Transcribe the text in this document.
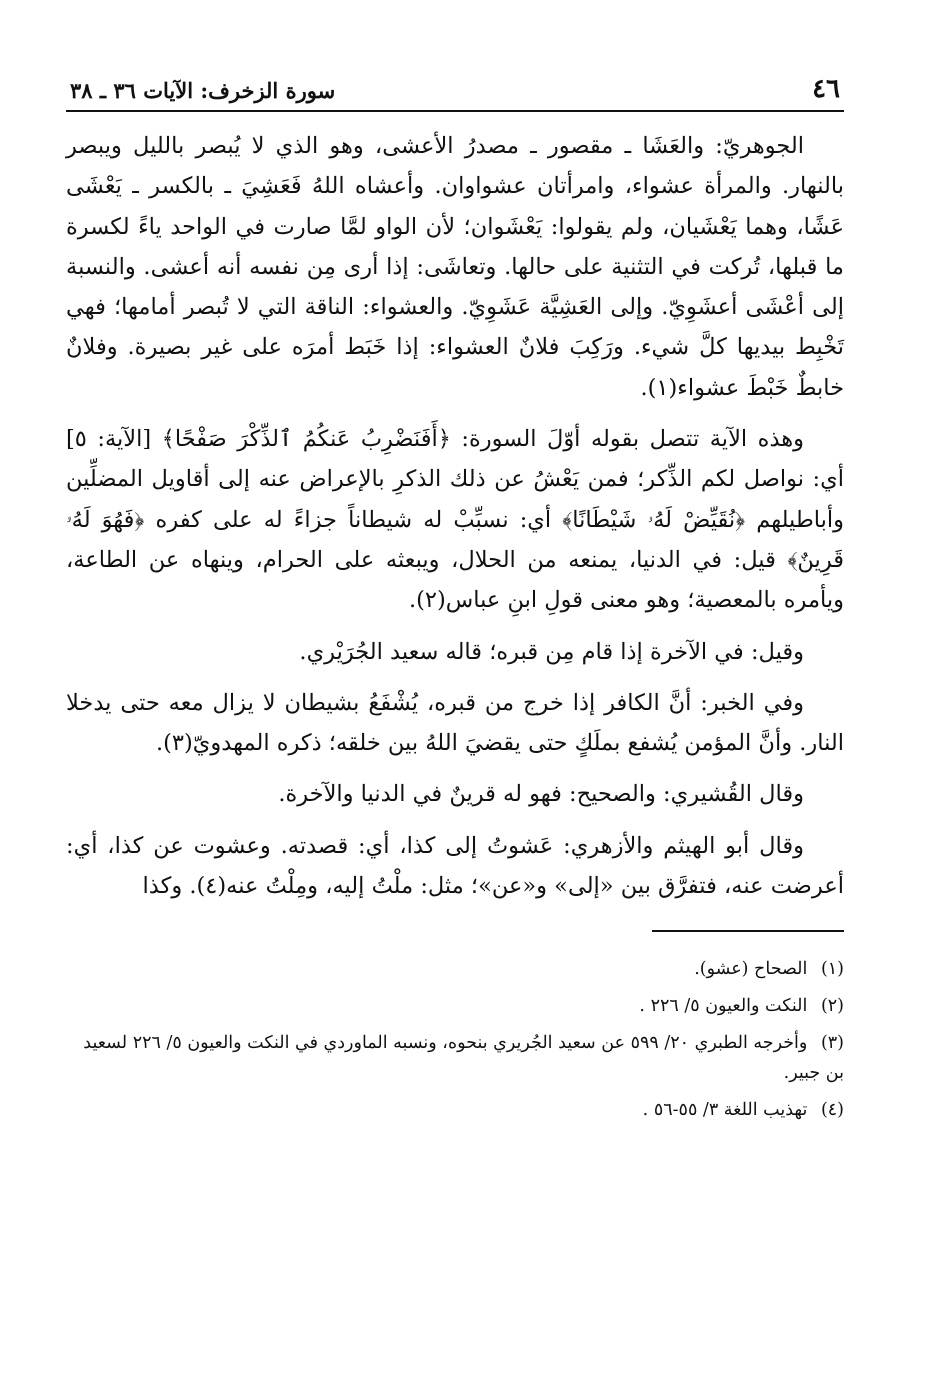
٤٦
سورة الزخرف: الآيات ٣٦ ـ ٣٨

الجوهريّ: والعَشَا ـ مقصور ـ مصدرُ الأعشى، وهو الذي لا يُبصر بالليل ويبصر بالنهار. والمرأة عشواء، وامرأتان عشواوان. وأعشاه اللهُ فَعَشِيَ ـ بالكسر ـ يَعْشَى عَشًا، وهما يَعْشَيان، ولم يقولوا: يَعْشَوان؛ لأن الواو لمَّا صارت في الواحد ياءً لكسرة ما قبلها، تُركت في التثنية على حالها. وتعاشَى: إذا أرى مِن نفسه أنه أعشى. والنسبة إلى أعْشَى أعشَوِيّ. وإلى العَشِيَّة عَشَوِيّ. والعشواء: الناقة التي لا تُبصر أمامها؛ فهي تَخْبِط بيديها كلَّ شيء. ورَكِبَ فلانٌ العشواء: إذا خَبَط أمرَه على غير بصيرة. وفلانٌ خابطٌ خَبْطَ عشواء(١).

وهذه الآية تتصل بقوله أوّلَ السورة: ﴿أَفَنَضْرِبُ عَنكُمُ ٱلذِّكْرَ صَفْحًا﴾ [الآية: ٥] أي: نواصل لكم الذِّكر؛ فمن يَعْشُ عن ذلك الذكرِ بالإعراض عنه إلى أقاويل المضلِّين وأباطيلهم ﴿نُقَيِّضْ لَهُۥ شَيْطَانًا﴾ أي: نسبِّبْ له شيطاناً جزاءً له على كفره ﴿فَهُوَ لَهُۥ قَرِينٌ﴾ قيل: في الدنيا، يمنعه من الحلال، ويبعثه على الحرام، وينهاه عن الطاعة، ويأمره بالمعصية؛ وهو معنى قولِ ابنِ عباس(٢).

وقيل: في الآخرة إذا قام مِن قبره؛ قاله سعيد الجُرَيْري.

وفي الخبر: أنَّ الكافر إذا خرج من قبره، يُشْفَعُ بشيطان لا يزال معه حتى يدخلا النار. وأنَّ المؤمن يُشفع بملَكٍ حتى يقضيَ اللهُ بين خلقه؛ ذكره المهدويّ(٣).

وقال القُشيري: والصحيح: فهو له قرينٌ في الدنيا والآخرة.

وقال أبو الهيثم والأزهري: عَشوتُ إلى كذا، أي: قصدته. وعشوت عن كذا، أي: أعرضت عنه، فتفرَّق بين «إلى» و«عن»؛ مثل: ملْتُ إليه، ومِلْتُ عنه(٤). وكذا

(١) الصحاح (عشو).

(٢) النكت والعيون ٥/ ٢٢٦ .

(٣) وأخرجه الطبري ٢٠/ ٥٩٩ عن سعيد الجُريري بنحوه، ونسبه الماوردي في النكت والعيون ٥/ ٢٢٦ لسعيد بن جبير.

(٤) تهذيب اللغة ٣/ ٥٥-٥٦ .
